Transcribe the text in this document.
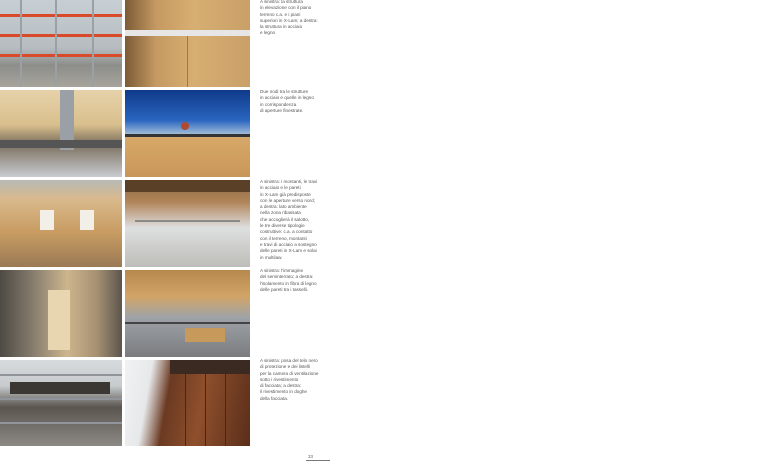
A sinistra: la struttura
in elevazione con il piano
terreno c.a. e i piani
superiori in X-Lam; a destra:
la struttura in acciaio
e legno
Due nodi tra le strutture
in acciaio e quelle in legno
in corrispondenza
di aperture finestrate.
A sinistra: i montanti, le travi
in acciaio e le pareti
in X-Lam già predisposte
con le aperture verso nord;
a destra: lato ambiente
nella zona ribassata
che accoglierà il salotto,
le tre diverse tipologie
costruttive: c.a. a contatto
con il terreno, montanti
e travi di acciaio a sostegno
delle pareti in X-Lam e solai
in multilaw.
A sinistra: l'immagine
del seminterrato; a destra:
l'isolamento in fibra di legno
delle pareti tra i tasselli.
A sinistra: posa del telo nero
di protezione e dei listelli
per la camera di ventilazione
sotto i rivestimento
di facciata; a destra:
il rivestimento in doghe
della facciata.
33
